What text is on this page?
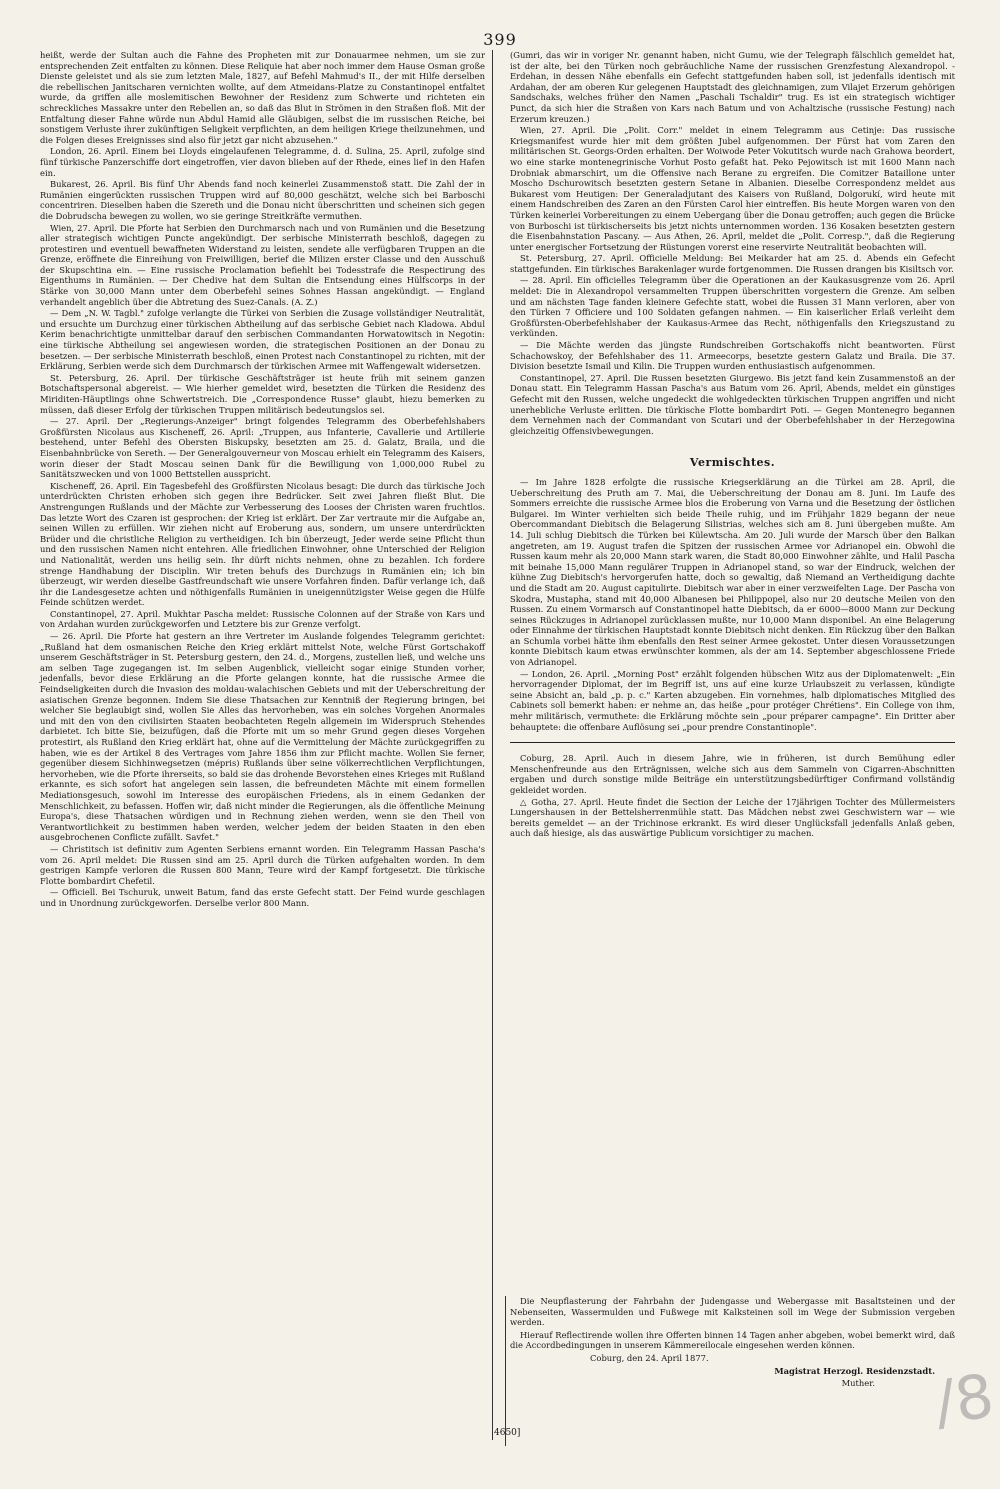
399

heißt, werde der Sultan auch die Fahne des Propheten mit zur Donauarmee nehmen, um sie zur entsprechenden Zeit entfalten zu können. Diese Reliquie hat aber noch immer dem Hause Osman große Dienste geleistet und als sie zum letzten Male, 1827, auf Befehl Mahmud's II., der mit Hilfe derselben die rebellischen Janitscharen vernichten wollte, auf dem Atmeidans-Platze zu Constantinopel entfaltet wurde, da griffen alle moslemitischen Bewohner der Residenz zum Schwerte und richteten ein schreckliches Massakre unter den Rebellen an, so daß das Blut in Strömen in den Straßen floß. Mit der Entfaltung dieser Fahne würde nun Abdul Hamid alle Gläubigen, selbst die im russischen Reiche, bei sonstigem Verluste ihrer zukünftigen Seligkeit verpflichten, an dem heiligen Kriege theilzunehmen, und die Folgen dieses Ereignisses sind also für jetzt gar nicht abzusehen."

London, 26. April. Einem bei Lloyds eingelaufenen Telegramme, d. d. Sulina, 25. April, zufolge sind fünf türkische Panzerschiffe dort eingetroffen, vier davon blieben auf der Rhede, eines lief in den Hafen ein.

Bukarest, 26. April. Bis fünf Uhr Abends fand noch keinerlei Zusammenstoß statt. Die Zahl der in Rumänien eingerückten russischen Truppen wird auf 80,000 geschätzt, welche sich bei Barboschi concentriren. Dieselben haben die Szereth und die Donau nicht überschritten und scheinen sich gegen die Dobrudscha bewegen zu wollen, wo sie geringe Streitkräfte vermuthen.

Wien, 27. April. Die Pforte hat Serbien den Durchmarsch nach und von Rumänien und die Besetzung aller strategisch wichtigen Puncte angekündigt. Der serbische Ministerrath beschloß, dagegen zu protestiren und eventuell bewaffneten Widerstand zu leisten, sendete alle verfügbaren Truppen an die Grenze, eröffnete die Einreihung von Freiwilligen, berief die Milizen erster Classe und den Ausschuß der Skupschtina ein. — Eine russische Proclamation befiehlt bei Todesstrafe die Respectirung des Eigenthums in Rumänien. — Der Chedive hat dem Sultan die Entsendung eines Hülfscorps in der Stärke von 30,000 Mann unter dem Oberbefehl seines Sohnes Hassan angekündigt. — England verhandelt angeblich über die Abtretung des Suez-Canals. (A. Z.)

— Dem „N. W. Tagbl." zufolge verlangte die Türkei von Serbien die Zusage vollständiger Neutralität, und ersuchte um Durchzug einer türkischen Abtheilung auf das serbische Gebiet nach Kladowa. Abdul Kerim benachrichtigte unmittelbar darauf den serbischen Commandanten Horwatowitsch in Negotin: eine türkische Abtheilung sei angewiesen worden, die strategischen Positionen an der Donau zu besetzen. — Der serbische Ministerrath beschloß, einen Protest nach Constantinopel zu richten, mit der Erklärung, Serbien werde sich dem Durchmarsch der türkischen Armee mit Waffengewalt widersetzen.

St. Petersburg, 26. April. Der türkische Geschäftsträger ist heute früh mit seinem ganzen Botschaftspersonal abgereist. — Wie hierher gemeldet wird, besetzten die Türken die Residenz des Miriditen-Häuptlings ohne Schwertstreich. Die „Correspondence Russe" glaubt, hiezu bemerken zu müssen, daß dieser Erfolg der türkischen Truppen militärisch bedeutungslos sei.

— 27. April. Der „Regierungs-Anzeiger" bringt folgendes Telegramm des Oberbefehlshabers Großfürsten Nicolaus aus Kischeneff, 26. April: „Truppen, aus Infanterie, Cavallerie und Artillerie bestehend, unter Befehl des Obersten Biskupsky, besetzten am 25. d. Galatz, Braila, und die Eisenbahnbrücke von Sereth. — Der Generalgouverneur von Moscau erhielt ein Telegramm des Kaisers, worin dieser der Stadt Moscau seinen Dank für die Bewilligung von 1,000,000 Rubel zu Sanitätszwecken und von 1000 Bettstellen ausspricht.

Kischeneff, 26. April. Ein Tagesbefehl des Großfürsten Nicolaus besagt: Die durch das türkische Joch unterdrückten Christen erhoben sich gegen ihre Bedrücker. Seit zwei Jahren fließt Blut. Die Anstrengungen Rußlands und der Mächte zur Verbesserung des Looses der Christen waren fruchtlos. Das letzte Wort des Czaren ist gesprochen: der Krieg ist erklärt. Der Zar vertraute mir die Aufgabe an, seinen Willen zu erfüllen. Wir ziehen nicht auf Eroberung aus, sondern, um unsere unterdrückten Brüder und die christliche Religion zu vertheidigen. Ich bin überzeugt, Jeder werde seine Pflicht thun und den russischen Namen nicht entehren. Alle friedlichen Einwohner, ohne Unterschied der Religion und Nationalität, werden uns heilig sein. Ihr dürft nichts nehmen, ohne zu bezahlen. Ich fordere strenge Handhabung der Disciplin. Wir treten behufs des Durchzugs in Rumänien ein; ich bin überzeugt, wir werden dieselbe Gastfreundschaft wie unsere Vorfahren finden. Dafür verlange ich, daß ihr die Landesgesetze achten und nöthigenfalls Rumänien in uneigennützigster Weise gegen die Hülfe Feinde schützen werdet.

Constantinopel, 27. April. Mukhtar Pascha meldet: Russische Colonnen auf der Straße von Kars und von Ardahan wurden zurückgeworfen und Letztere bis zur Grenze verfolgt.

— 26. April. Die Pforte hat gestern an ihre Vertreter im Auslande folgendes Telegramm gerichtet: „Rußland hat dem osmanischen Reiche den Krieg erklärt mittelst Note, welche Fürst Gortschakoff unserem Geschäftsträger in St. Petersburg gestern, den 24. d., Morgens, zustellen ließ, und welche uns am selben Tage zugegangen ist. Im selben Augenblick, vielleicht sogar einige Stunden vorher, jedenfalls, bevor diese Erklärung an die Pforte gelangen konnte, hat die russische Armee die Feindseligkeiten durch die Invasion des moldau-walachischen Gebiets und mit der Ueberschreitung der asiatischen Grenze begonnen. Indem Sie diese Thatsachen zur Kenntniß der Regierung bringen, bei welcher Sie beglaubigt sind, wollen Sie Alles das hervorheben, was ein solches Vorgehen Anormales und mit den von den civilisirten Staaten beobachteten Regeln allgemein im Widerspruch Stehendes darbietet. Ich bitte Sie, beizufügen, daß die Pforte mit um so mehr Grund gegen dieses Vorgehen protestirt, als Rußland den Krieg erklärt hat, ohne auf die Vermittelung der Mächte zurückgegriffen zu haben, wie es der Artikel 8 des Vertrages vom Jahre 1856 ihm zur Pflicht machte. Wollen Sie ferner, gegenüber diesem Sichhinwegsetzen (mépris) Rußlands über seine völkerrechtlichen Verpflichtungen, hervorheben, wie die Pforte ihrerseits, so bald sie das drohende Bevorstehen eines Krieges mit Rußland erkannte, es sich sofort hat angelegen sein lassen, die befreundeten Mächte mit einem formellen Mediationsgesuch, sowohl im Interesse des europäischen Friedens, als in einem Gedanken der Menschlichkeit, zu befassen. Hoffen wir, daß nicht minder die Regierungen, als die öffentliche Meinung Europa's, diese Thatsachen würdigen und in Rechnung ziehen werden, wenn sie den Theil von Verantwortlichkeit zu bestimmen haben werden, welcher jedem der beiden Staaten in den eben ausgebrochenen Conflicte zufällt. Savfet."

— Christitsch ist definitiv zum Agenten Serbiens ernannt worden. Ein Telegramm Hassan Pascha's vom 26. April meldet: Die Russen sind am 25. April durch die Türken aufgehalten worden. In dem gestrigen Kampfe verloren die Russen 800 Mann, Teure wird der Kampf fortgesetzt. Die türkische Flotte bombardirt Chefetil.

— Officiell. Bei Tschuruk, unweit Batum, fand das erste Gefecht statt. Der Feind wurde geschlagen und in Unordnung zurückgeworfen. Derselbe verlor 800 Mann.

(Gumri, das wir in voriger Nr. genannt haben, nicht Gumu, wie der Telegraph fälschlich gemeldet hat, ist der alte, bei den Türken noch gebräuchliche Name der russischen Grenzfestung Alexandropol. - Erdehan, in dessen Nähe ebenfalls ein Gefecht stattgefunden haben soll, ist jedenfalls identisch mit Ardahan, der am oberen Kur gelegenen Hauptstadt des gleichnamigen, zum Vilajet Erzerum gehörigen Sandschaks, welches früher den Namen „Paschali Tschaldir" trug. Es ist ein strategisch wichtiger Punct, da sich hier die Straßen von Kars nach Batum und von Achaltzische (russische Festung) nach Erzerum kreuzen.)

Wien, 27. April. Die „Polit. Corr." meldet in einem Telegramm aus Cetinje: Das russische Kriegsmanifest wurde hier mit dem größten Jubel aufgenommen. Der Fürst hat vom Zaren den militärischen St. Georgs-Orden erhalten. Der Woiwode Peter Vokutitsch wurde nach Grahowa beordert, wo eine starke montenegrinische Vorhut Posto gefaßt hat. Peko Pejowitsch ist mit 1600 Mann nach Drobniak abmarschirt, um die Offensive nach Berane zu ergreifen. Die Comitzer Bataillone unter Moscho Dschurowitsch besetzten gestern Setane in Albanien. Dieselbe Correspondenz meldet aus Bukarest vom Heutigen: Der Generaladjutant des Kaisers von Rußland, Dolgorukí, wird heute mit einem Handschreiben des Zaren an den Fürsten Carol hier eintreffen. Bis heute Morgen waren von den Türken keinerlei Vorbereitungen zu einem Uebergang über die Donau getroffen; auch gegen die Brücke von Burboschi ist türkischerseits bis jetzt nichts unternommen worden. 136 Kosaken besetzten gestern die Eisenbahnstation Pascany. — Aus Athen, 26. April, meldet die „Polit. Corresp.", daß die Regierung unter energischer Fortsetzung der Rüstungen vorerst eine reservirte Neutralität beobachten will.

St. Petersburg, 27. April. Officielle Meldung: Bei Meikarder hat am 25. d. Abends ein Gefecht stattgefunden. Ein türkisches Barakenlager wurde fortgenommen. Die Russen drangen bis Kisiltsch vor.

— 28. April. Ein officielles Telegramm über die Operationen an der Kaukasusgrenze vom 26. April meldet: Die in Alexandropol versammelten Truppen überschritten vorgestern die Grenze. Am selben und am nächsten Tage fanden kleinere Gefechte statt, wobei die Russen 31 Mann verloren, aber von den Türken 7 Officiere und 100 Soldaten gefangen nahmen. — Ein kaiserlicher Erlaß verleiht dem Großfürsten-Oberbefehlshaber der Kaukasus-Armee das Recht, nöthigenfalls den Kriegszustand zu verkünden.

— Die Mächte werden das jüngste Rundschreiben Gortschakoffs nicht beantworten. Fürst Schachowskoy, der Befehlshaber des 11. Armeecorps, besetzte gestern Galatz und Braila. Die 37. Division besetzte Ismail und Kilin. Die Truppen wurden enthusiastisch aufgenommen.

Constantinopel, 27. April. Die Russen besetzten Giurgewo. Bis jetzt fand kein Zusammenstoß an der Donau statt. Ein Telegramm Hassan Pascha's aus Batum vom 26. April, Abends, meldet ein günstiges Gefecht mit den Russen, welche ungedeckt die wohlgedeckten türkischen Truppen angriffen und nicht unerhebliche Verluste erlitten. Die türkische Flotte bombardirt Poti. — Gegen Montenegro begannen dem Vernehmen nach der Commandant von Scutari und der Oberbefehlshaber in der Herzegowina gleichzeitig Offensivbewegungen.

Vermischtes.

— Im Jahre 1828 erfolgte die russische Kriegserklärung an die Türkei am 28. April, die Ueberschreitung des Pruth am 7. Mai, die Ueberschreitung der Donau am 8. Juni. Im Laufe des Sommers erreichte die russische Armee blos die Eroberung von Varna und die Besetzung der östlichen Bulgarei. Im Winter verhielten sich beide Theile ruhig, und im Frühjahr 1829 begann der neue Obercommandant Diebitsch die Belagerung Silistrias, welches sich am 8. Juni übergeben mußte. Am 14. Juli schlug Diebitsch die Türken bei Külewtscha. Am 20. Juli wurde der Marsch über den Balkan angetreten, am 19. August trafen die Spitzen der russischen Armee vor Adrianopel ein. Obwohl die Russen kaum mehr als 20,000 Mann stark waren, die Stadt 80,000 Einwohner zählte, und Halil Pascha mit beinahe 15,000 Mann regulärer Truppen in Adrianopel stand, so war der Eindruck, welchen der kühne Zug Diebitsch's hervorgerufen hatte, doch so gewaltig, daß Niemand an Vertheidigung dachte und die Stadt am 20. August capitulirte. Diebitsch war aber in einer verzweifelten Lage. Der Pascha von Skodra, Mustapha, stand mit 40,000 Albanesen bei Philippopel, also nur 20 deutsche Meilen von den Russen. Zu einem Vormarsch auf Constantinopel hatte Diebitsch, da er 6000—8000 Mann zur Deckung seines Rückzuges in Adrianopel zurücklassen mußte, nur 10,000 Mann disponibel. An eine Belagerung oder Einnahme der türkischen Hauptstadt konnte Diebitsch nicht denken. Ein Rückzug über den Balkan an Schumla vorbei hätte ihm ebenfalls den Rest seiner Armee gekostet. Unter diesen Voraussetzungen konnte Diebitsch kaum etwas erwünschter kommen, als der am 14. September abgeschlossene Friede von Adrianopel.

— London, 26. April. „Morning Post" erzählt folgenden hübschen Witz aus der Diplomatenwelt: „Ein hervorragender Diplomat, der im Begriff ist, uns auf eine kurze Urlaubszeit zu verlassen, kündigte seine Absicht an, bald „p. p. c." Karten abzugeben. Ein vornehmes, halb diplomatisches Mitglied des Cabinets soll bemerkt haben: er nehme an, das heiße „pour protéger Chrétiens". Ein College von ihm, mehr militärisch, vermuthete: die Erklärung möchte sein „pour préparer campagne". Ein Dritter aber behauptete: die offenbare Auflösung sei „pour prendre Constantinople".

Coburg, 28. April. Auch in diesem Jahre, wie in früheren, ist durch Bemühung edler Menschenfreunde aus den Erträgnissen, welche sich aus dem Sammeln von Cigarren-Abschnitten ergaben und durch sonstige milde Beiträge ein unterstützungsbedürftiger Confirmand vollständig gekleidet worden.

△ Gotha, 27. April. Heute findet die Section der Leiche der 17jährigen Tochter des Müllermeisters Lungershausen in der Bettelsherrenmühle statt. Das Mädchen nebst zwei Geschwistern war — wie bereits gemeldet — an der Trichinose erkrankt. Es wird dieser Unglücksfall jedenfalls Anlaß geben, auch daß hiesige, als das auswärtige Publicum vorsichtiger zu machen.

Die Neupflasterung der Fahrbahn der Judengasse und Webergasse mit Basaltsteinen und der Nebenseiten, Wassermulden und Fußwege mit Kalksteinen soll im Wege der Submission vergeben werden.

Hierauf Reflectirende wollen ihre Offerten binnen 14 Tagen anher abgeben, wobei bemerkt wird, daß die Accordbedingungen in unserem Kämmereilocale eingesehen werden können.

Coburg, den 24. April 1877.

Magistrat Herzogl. Residenzstadt.

Muther.

4650]	/8
